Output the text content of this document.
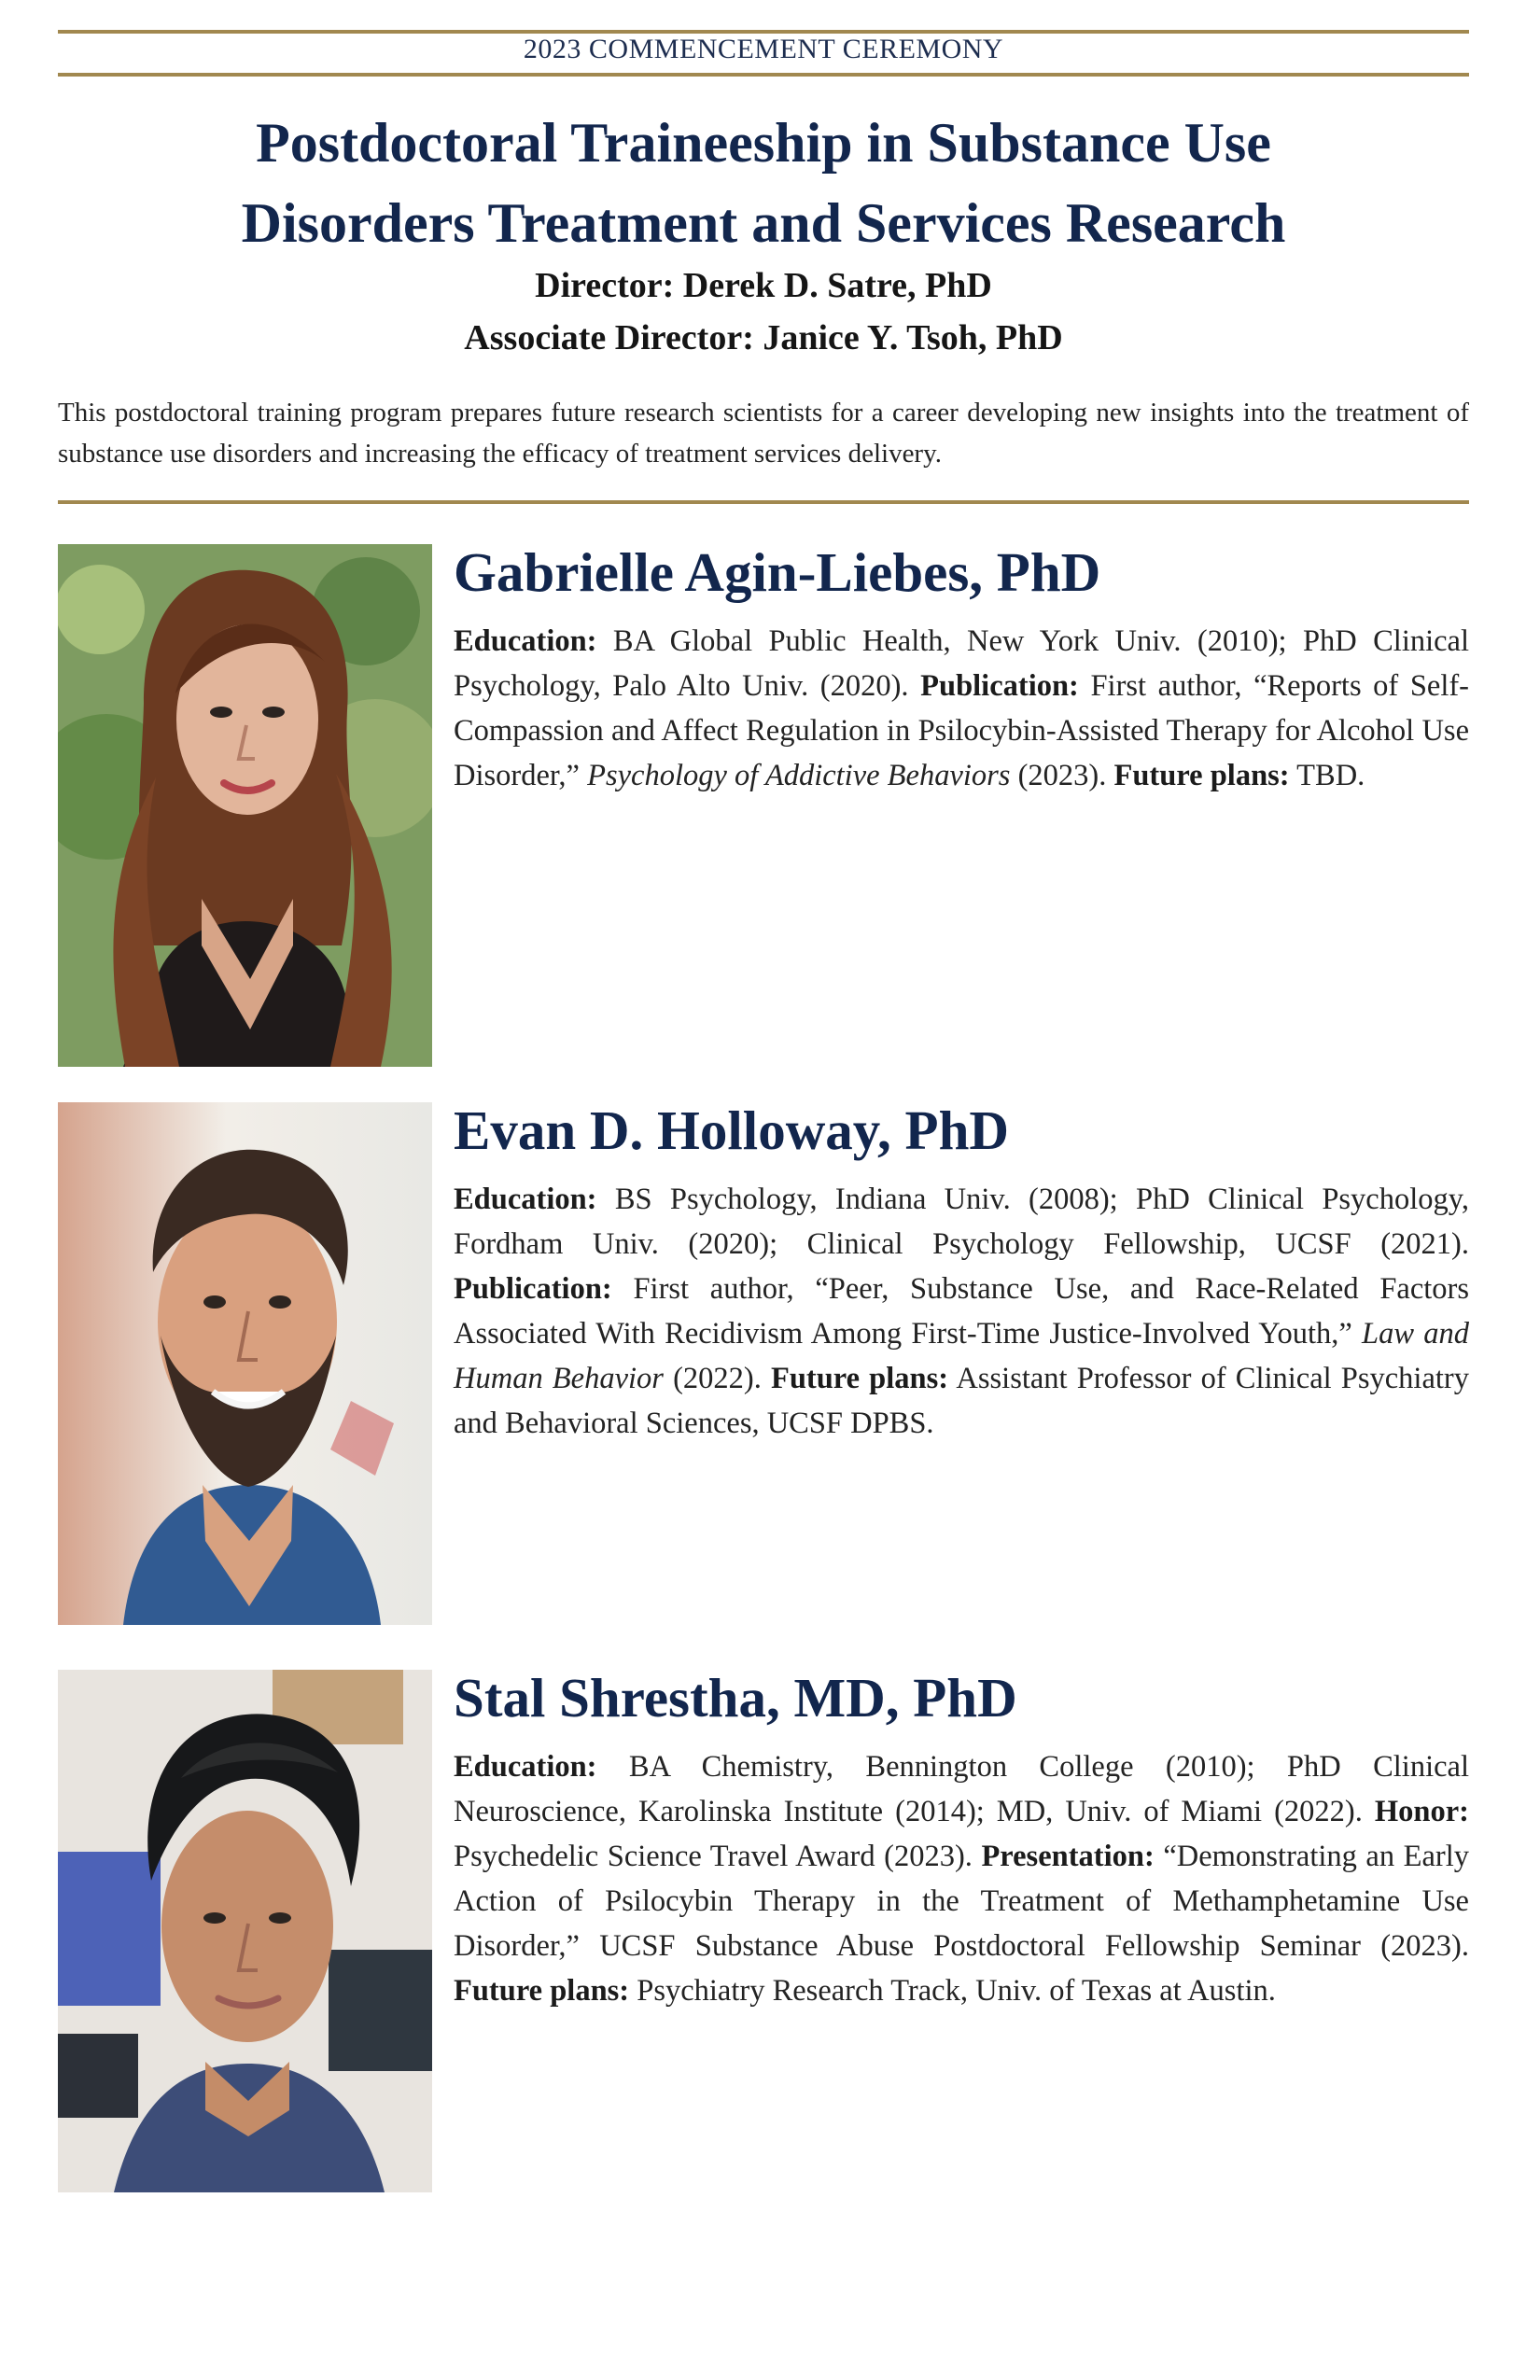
2023 COMMENCEMENT CEREMONY
Postdoctoral Traineeship in Substance Use
Disorders Treatment and Services Research
Director: Derek D. Satre, PhD
Associate Director: Janice Y. Tsoh, PhD

This postdoctoral training program prepares future research scientists for a career developing new insights into the treatment of substance use disorders and increasing the efficacy of treatment services delivery.

Gabrielle Agin-Liebes, PhD

Education: BA Global Public Health, New York Univ. (2010); PhD Clinical Psychology, Palo Alto Univ. (2020). Publication: First author, “Reports of Self-Compassion and Affect Regulation in Psilocybin-Assisted Therapy for Alcohol Use Disorder,” Psychology of Addictive Behaviors (2023). Future plans: TBD.

Evan D. Holloway, PhD

Education: BS Psychology, Indiana Univ. (2008); PhD Clinical Psychology, Fordham Univ. (2020); Clinical Psychology Fellowship, UCSF (2021). Publication: First author, “Peer, Substance Use, and Race-Related Factors Associated With Recidivism Among First-Time Justice-Involved Youth,” Law and Human Behavior (2022). Future plans: Assistant Professor of Clinical Psychiatry and Behavioral Sciences, UCSF DPBS.

Stal Shrestha, MD, PhD

Education: BA Chemistry, Bennington College (2010); PhD Clinical Neuroscience, Karolinska Institute (2014); MD, Univ. of Miami (2022). Honor: Psychedelic Science Travel Award (2023). Presentation: “Demonstrating an Early Action of Psilocybin Therapy in the Treatment of Methamphetamine Use Disorder,” UCSF Substance Abuse Postdoctoral Fellowship Seminar (2023). Future plans: Psychiatry Research Track, Univ. of Texas at Austin.
